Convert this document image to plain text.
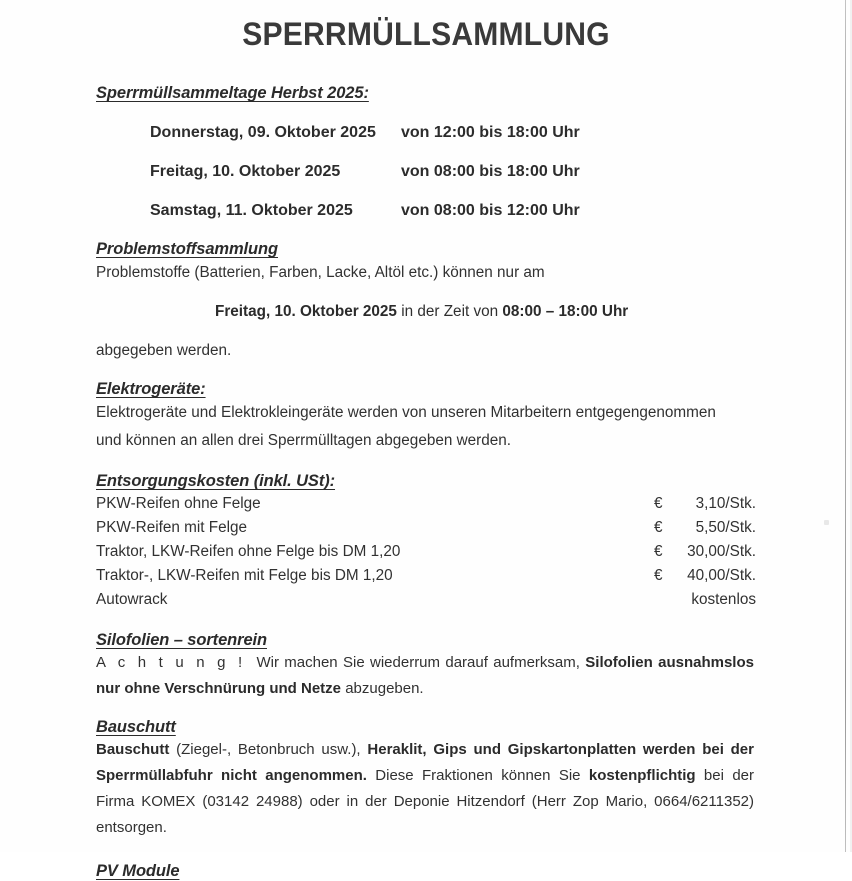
SPERRMÜLLSAMMLUNG
Sperrmüllsammeltage Herbst 2025:
Donnerstag, 09. Oktober 2025	von 12:00 bis 18:00 Uhr
Freitag, 10. Oktober 2025	von 08:00 bis 18:00 Uhr
Samstag, 11. Oktober 2025	von 08:00 bis 12:00 Uhr
Problemstoffsammlung

Problemstoffe (Batterien, Farben, Lacke, Altöl etc.) können nur am

Freitag, 10. Oktober 2025 in der Zeit von 08:00 – 18:00 Uhr

abgegeben werden.

Elektrogeräte:

Elektrogeräte und Elektrokleingeräte werden von unseren Mitarbeitern entgegengenommen

und können an allen drei Sperrmülltagen abgegeben werden.

Entsorgungskosten (inkl. USt):
PKW-Reifen ohne Felge	€	3,10/Stk.
PKW-Reifen mit Felge	€	5,50/Stk.
Traktor, LKW-Reifen ohne Felge bis DM 1,20	€	30,00/Stk.
Traktor-, LKW-Reifen mit Felge bis DM 1,20	€	40,00/Stk.
Autowrack	kostenlos
Silofolien – sortenrein

A c h t u n g ! Wir machen Sie wiederrum darauf aufmerksam, Silofolien ausnahmslos nur ohne Verschnürung und Netze abzugeben.

Bauschutt

Bauschutt (Ziegel-, Betonbruch usw.), Heraklit, Gips und Gipskartonplatten werden bei der Sperrmüllabfuhr nicht angenommen. Diese Fraktionen können Sie kostenpflichtig bei der Firma KOMEX (03142 24988) oder in der Deponie Hitzendorf (Herr Zop Mario, 0664/6211352) entsorgen.

PV Module
